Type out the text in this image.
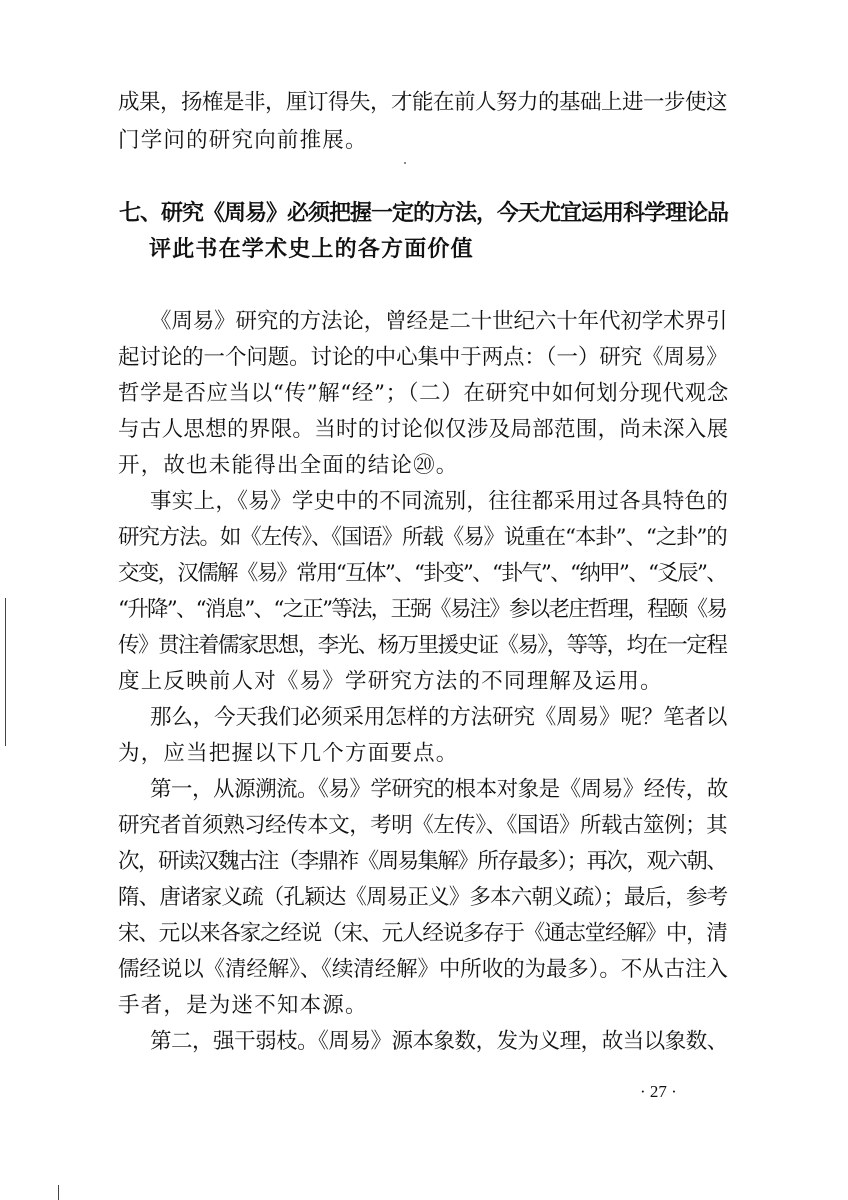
成果，扬榷是非，厘订得失，才能在前人努力的基础上进一步使这
门学问的研究向前推展。
七、研究《周易》必须把握一定的方法，今天尤宜运用科学理论品
评此书在学术史上的各方面价值
《周易》研究的方法论，曾经是二十世纪六十年代初学术界引
起讨论的一个问题。讨论的中心集中于两点：（一）研究《周易》
哲学是否应当以“传”解“经”；（二）在研究中如何划分现代观念
与古人思想的界限。当时的讨论似仅涉及局部范围，尚未深入展
开，故也未能得出全面的结论⑳。
事实上，《易》学史中的不同流别，往往都采用过各具特色的
研究方法。如《左传》、《国语》所载《易》说重在“本卦”、“之卦”的
交变，汉儒解《易》常用“互体”、“卦变”、“卦气”、“纳甲”、“爻辰”、
“升降”、“消息”、“之正”等法，王弼《易注》参以老庄哲理，程颐《易
传》贯注着儒家思想，李光、杨万里援史证《易》，等等，均在一定程
度上反映前人对《易》学研究方法的不同理解及运用。
那么，今天我们必须采用怎样的方法研究《周易》呢？笔者以
为，应当把握以下几个方面要点。
第一，从源溯流。《易》学研究的根本对象是《周易》经传，故
研究者首须熟习经传本文，考明《左传》、《国语》所载古筮例；其
次，研读汉魏古注（李鼎祚《周易集解》所存最多）；再次，观六朝、
隋、唐诸家义疏（孔颖达《周易正义》多本六朝义疏）；最后，参考
宋、元以来各家之经说（宋、元人经说多存于《通志堂经解》中，清
儒经说以《清经解》、《续清经解》中所收的为最多）。不从古注入
手者，是为迷不知本源。
第二，强干弱枝。《周易》源本象数，发为义理，故当以象数、
· 27 ·
